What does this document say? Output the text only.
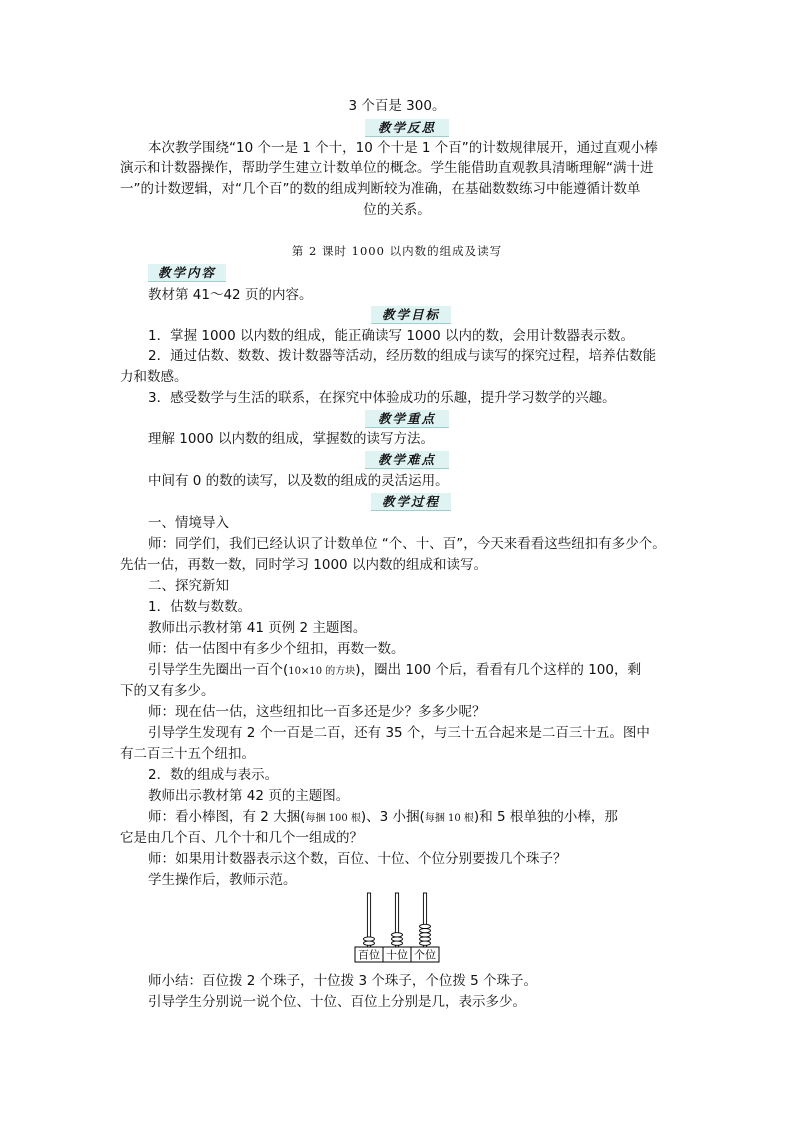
3 个百是 300。
教学反思
本次教学围绕“10 个一是 1 个十，10 个十是 1 个百”的计数规律展开，通过直观小棒
演示和计数器操作，帮助学生建立计数单位的概念。学生能借助直观教具清晰理解“满十进
一”的计数逻辑，对“几个百”的数的组成判断较为准确，在基础数数练习中能遵循计数单
位的关系。
第 2 课时 1000 以内数的组成及读写
教学内容
教材第 41～42 页的内容。
教学目标
1．掌握 1000 以内数的组成，能正确读写 1000 以内的数，会用计数器表示数。
2．通过估数、数数、拨计数器等活动，经历数的组成与读写的探究过程，培养估数能
力和数感。
3．感受数学与生活的联系，在探究中体验成功的乐趣，提升学习数学的兴趣。
教学重点
理解 1000 以内数的组成，掌握数的读写方法。
教学难点
中间有 0 的数的读写，以及数的组成的灵活运用。
教学过程
一、情境导入
师：同学们，我们已经认识了计数单位 “个、十、百”，今天来看看这些纽扣有多少个。
先估一估，再数一数，同时学习 1000 以内数的组成和读写。
二、探究新知
1．估数与数数。
教师出示教材第 41 页例 2 主题图。
师：估一估图中有多少个纽扣，再数一数。
引导学生先圈出一百个(10×10 的方块)，圈出 100 个后，看看有几个这样的 100，剩
下的又有多少。
师：现在估一估，这些纽扣比一百多还是少？多多少呢？
引导学生发现有 2 个一百是二百，还有 35 个，与三十五合起来是二百三十五。图中
有二百三十五个纽扣。
2．数的组成与表示。
教师出示教材第 42 页的主题图。
师：看小棒图，有 2 大捆(每捆 100 根)、3 小捆(每捆 10 根)和 5 根单独的小棒，那
它是由几个百、几个十和几个一组成的？
师：如果用计数器表示这个数，百位、十位、个位分别要拨几个珠子？
学生操作后，教师示范。
百位 十位 个位
师小结：百位拨 2 个珠子，十位拨 3 个珠子，个位拨 5 个珠子。
引导学生分别说一说个位、十位、百位上分别是几，表示多少。
